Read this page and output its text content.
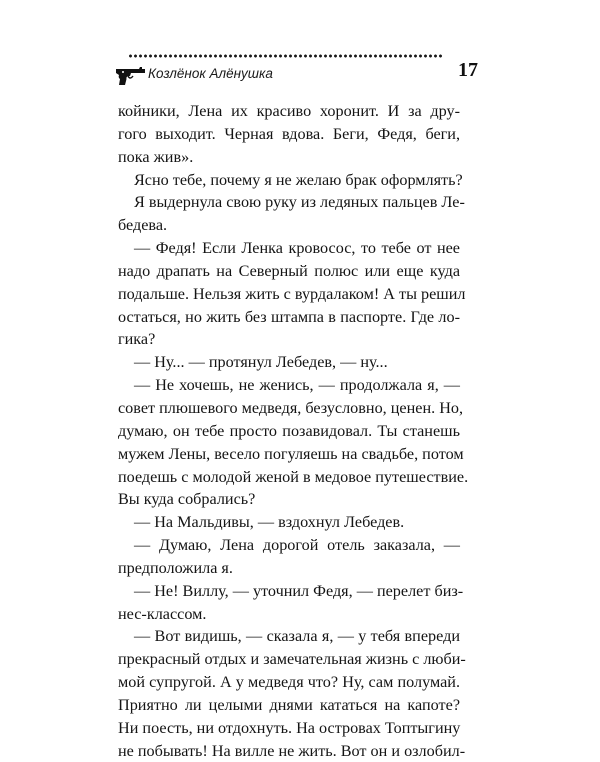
Козлёнок Алёнушка	17
койники, Лена их красиво хоронит. И за дру-
гого выходит. Черная вдова. Беги, Федя, беги,
пока жив».
Ясно тебе, почему я не желаю брак оформлять?
Я выдернула свою руку из ледяных пальцев Ле-
бедева.
— Федя! Если Ленка кровосос, то тебе от нее
надо драпать на Северный полюс или еще куда
подальше. Нельзя жить с вурдалаком! А ты решил
остаться, но жить без штампа в паспорте. Где ло-
гика?
— Ну... — протянул Лебедев, — ну...
— Не хочешь, не женись, — продолжала я, —
совет плюшевого медведя, безусловно, ценен. Но,
думаю, он тебе просто позавидовал. Ты станешь
мужем Лены, весело погуляешь на свадьбе, потом
поедешь с молодой женой в медовое путешествие.
Вы куда собрались?
— На Мальдивы, — вздохнул Лебедев.
— Думаю, Лена дорогой отель заказала, —
предположила я.
— Не! Виллу, — уточнил Федя, — перелет биз-
нес-классом.
— Вот видишь, — сказала я, — у тебя впереди
прекрасный отдых и замечательная жизнь с люби-
мой супругой. А у медведя что? Ну, сам полумай.
Приятно ли целыми днями кататься на капоте?
Ни поесть, ни отдохнуть. На островах Топтыгину
не побывать! На вилле не жить. Вот он и озлобил-
